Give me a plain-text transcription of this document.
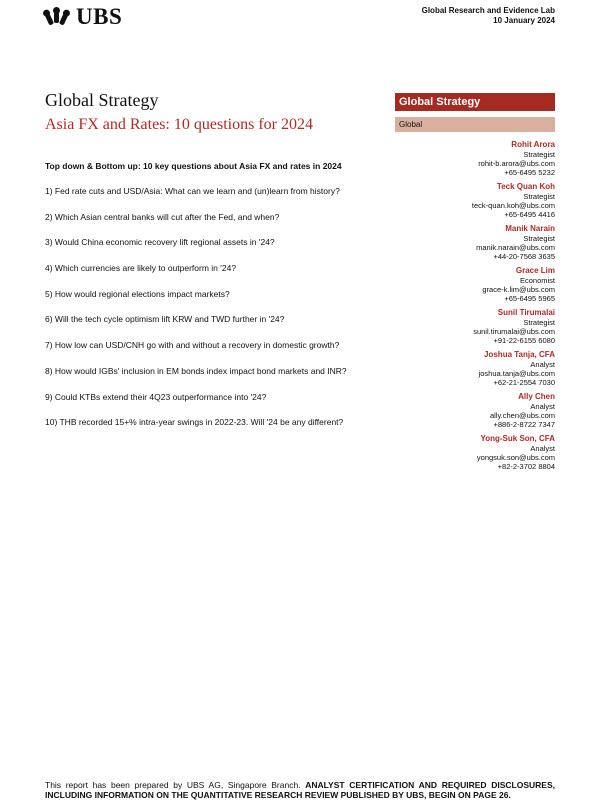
UBS	Global Research and Evidence Lab
10 January 2024
Global Strategy
Asia FX and Rates: 10 questions for 2024
Global Strategy
Global
Rohit Arora
Strategist
rohit-b.arora@ubs.com
+65-6495 5232
Teck Quan Koh
Strategist
teck-quan.koh@ubs.com
+65-6495 4416
Manik Narain
Strategist
manik.narain@ubs.com
+44-20-7568 3635
Grace Lim
Economist
grace-k.lim@ubs.com
+65-6495 5965
Sunil Tirumalai
Strategist
sunil.tirumalai@ubs.com
+91-22-6155 6080
Joshua Tanja, CFA
Analyst
joshua.tanja@ubs.com
+62-21-2554 7030
Ally Chen
Analyst
ally.chen@ubs.com
+886-2-8722 7347
Yong-Suk Son, CFA
Analyst
yongsuk.son@ubs.com
+82-2-3702 8804
Top down & Bottom up: 10 key questions about Asia FX and rates in 2024
1) Fed rate cuts and USD/Asia: What can we learn and (un)learn from history?
2) Which Asian central banks will cut after the Fed, and when?
3) Would China economic recovery lift regional assets in '24?
4) Which currencies are likely to outperform in '24?
5) How would regional elections impact markets?
6) Will the tech cycle optimism lift KRW and TWD further in '24?
7) How low can USD/CNH go with and without a recovery in domestic growth?
8) How would IGBs' inclusion in EM bonds index impact bond markets and INR?
9) Could KTBs extend their 4Q23 outperformance into '24?
10) THB recorded 15+% intra-year swings in 2022-23. Will '24 be any different?
This report has been prepared by UBS AG, Singapore Branch. ANALYST CERTIFICATION AND REQUIRED DISCLOSURES, INCLUDING INFORMATION ON THE QUANTITATIVE RESEARCH REVIEW PUBLISHED BY UBS, BEGIN ON PAGE 26.
